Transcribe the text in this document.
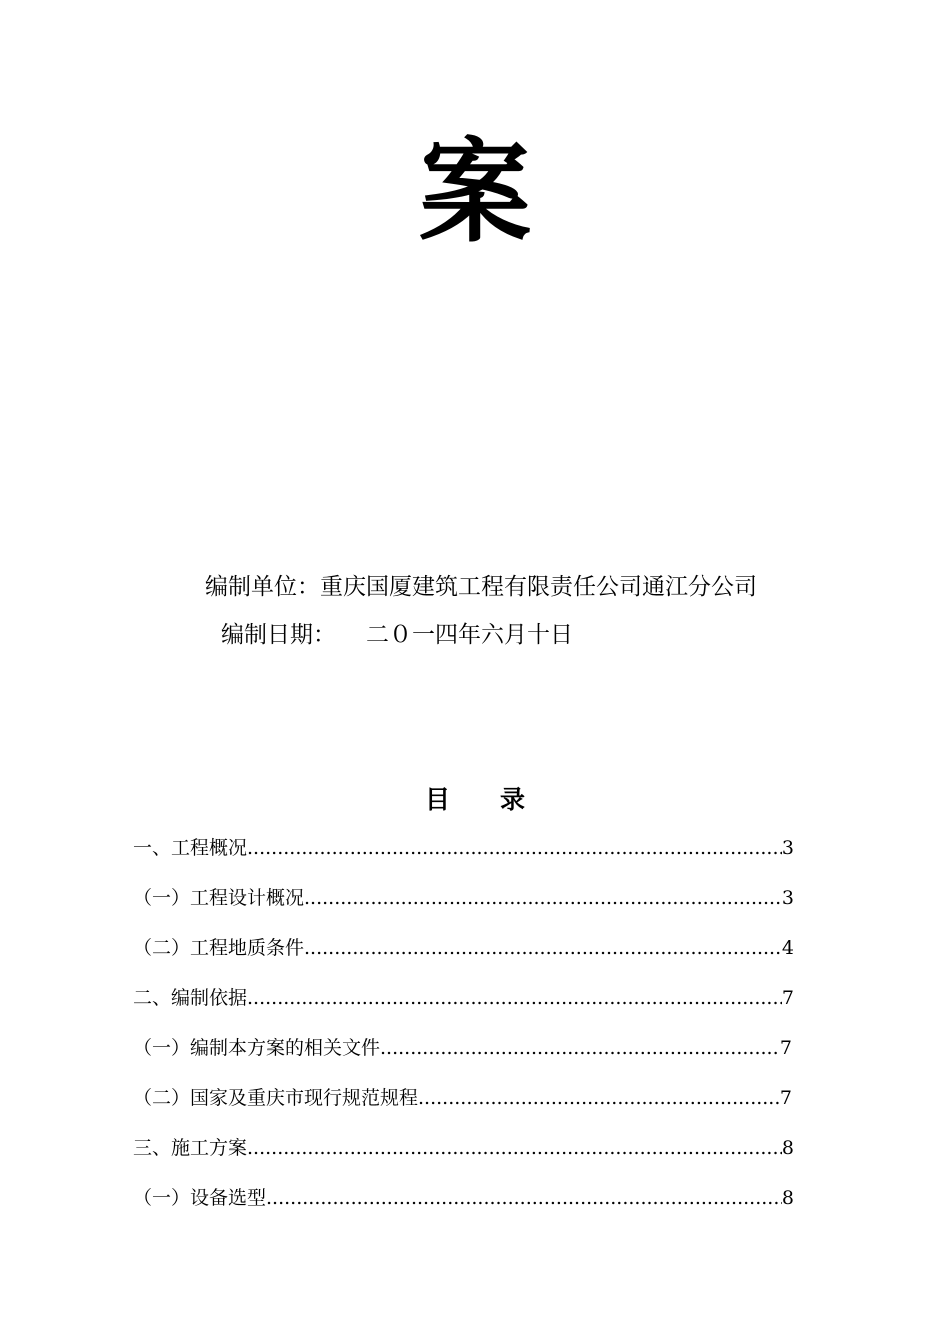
案
编制单位：重庆国厦建筑工程有限责任公司通江分公司
编制日期： 二０一四年六月十日
目 录
一、工程概况 .....	3
（一）工程设计概况 .....	3
（二）工程地质条件 .....	4
二、编制依据 .....	7
（一）编制本方案的相关文件 .....	7
（二）国家及重庆市现行规范规程 .....	7
三、施工方案 .....	8
（一）设备选型 .....	8
